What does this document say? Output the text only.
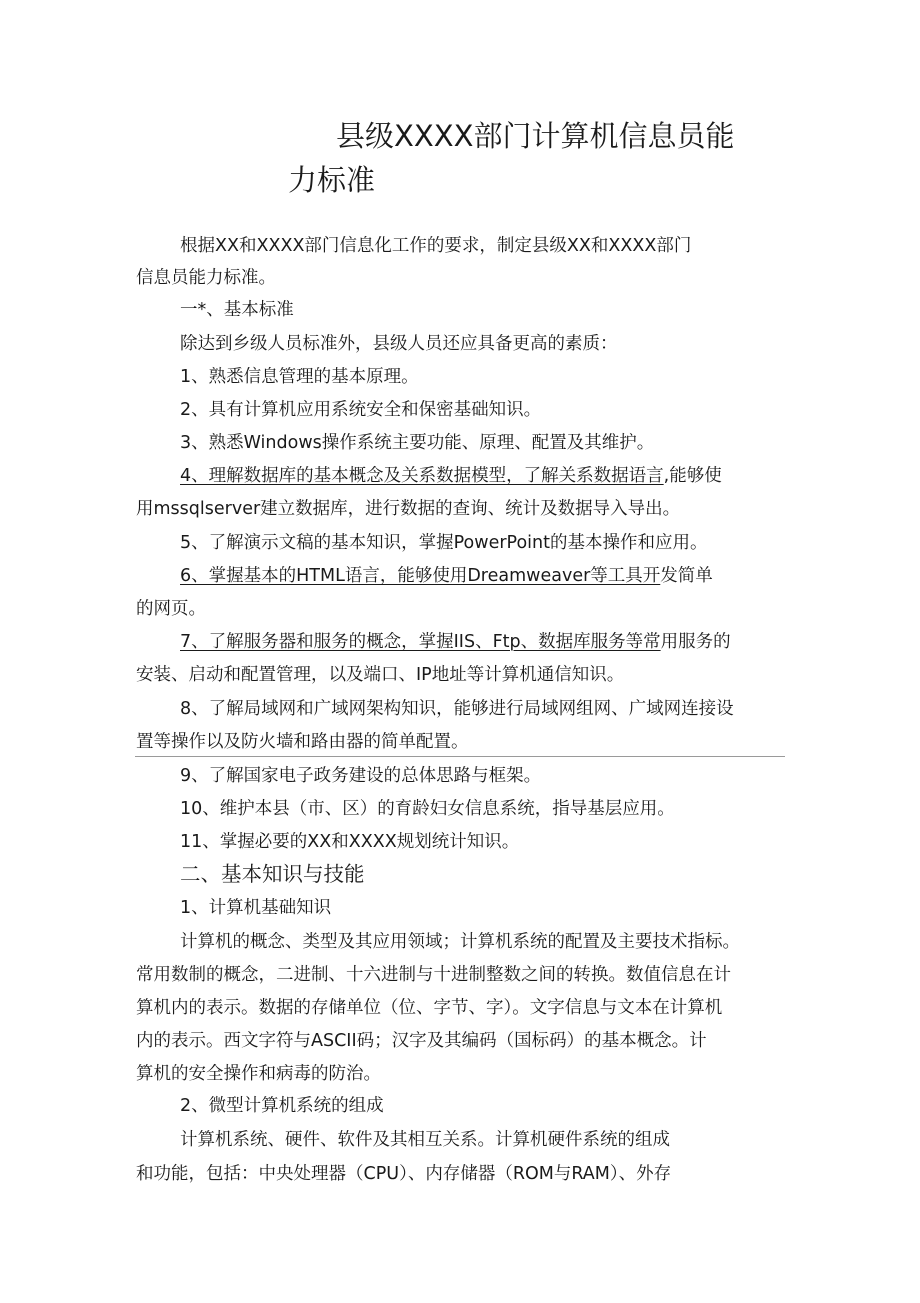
县级XXXX部门计算机信息员能
力标准

根据XX和XXXX部门信息化工作的要求，制定县级XX和XXXX部门

信息员能力标准。

一*、基本标准

除达到乡级人员标准外，县级人员还应具备更高的素质：

1、熟悉信息管理的基本原理。

2、具有计算机应用系统安全和保密基础知识。

3、熟悉Windows操作系统主要功能、原理、配置及其维护。

4、理解数据库的基本概念及关系数据模型，了解关系数据语言,能够使

用mssqlserver建立数据库，进行数据的查询、统计及数据导入导出。

5、了解演示文稿的基本知识，掌握PowerPoint的基本操作和应用。

6、掌握基本的HTML语言，能够使用Dreamweaver等工具开发简单

的网页。

7、了解服务器和服务的概念，掌握IIS、Ftp、数据库服务等常用服务的

安装、启动和配置管理，以及端口、IP地址等计算机通信知识。

8、了解局域网和广域网架构知识，能够进行局域网组网、广域网连接设

置等操作以及防火墙和路由器的简单配置。

9、了解国家电子政务建设的总体思路与框架。

10、维护本县（市、区）的育龄妇女信息系统，指导基层应用。

11、掌握必要的XX和XXXX规划统计知识。

二、基本知识与技能

1、计算机基础知识

计算机的概念、类型及其应用领域；计算机系统的配置及主要技术指标。

常用数制的概念，二进制、十六进制与十进制整数之间的转换。数值信息在计

算机内的表示。数据的存储单位（位、字节、字）。文字信息与文本在计算机

内的表示。西文字符与ASCII码；汉字及其编码（国标码）的基本概念。计

算机的安全操作和病毒的防治。

2、微型计算机系统的组成

计算机系统、硬件、软件及其相互关系。计算机硬件系统的组成

和功能，包括：中央处理器（CPU）、内存储器（ROM与RAM）、外存
